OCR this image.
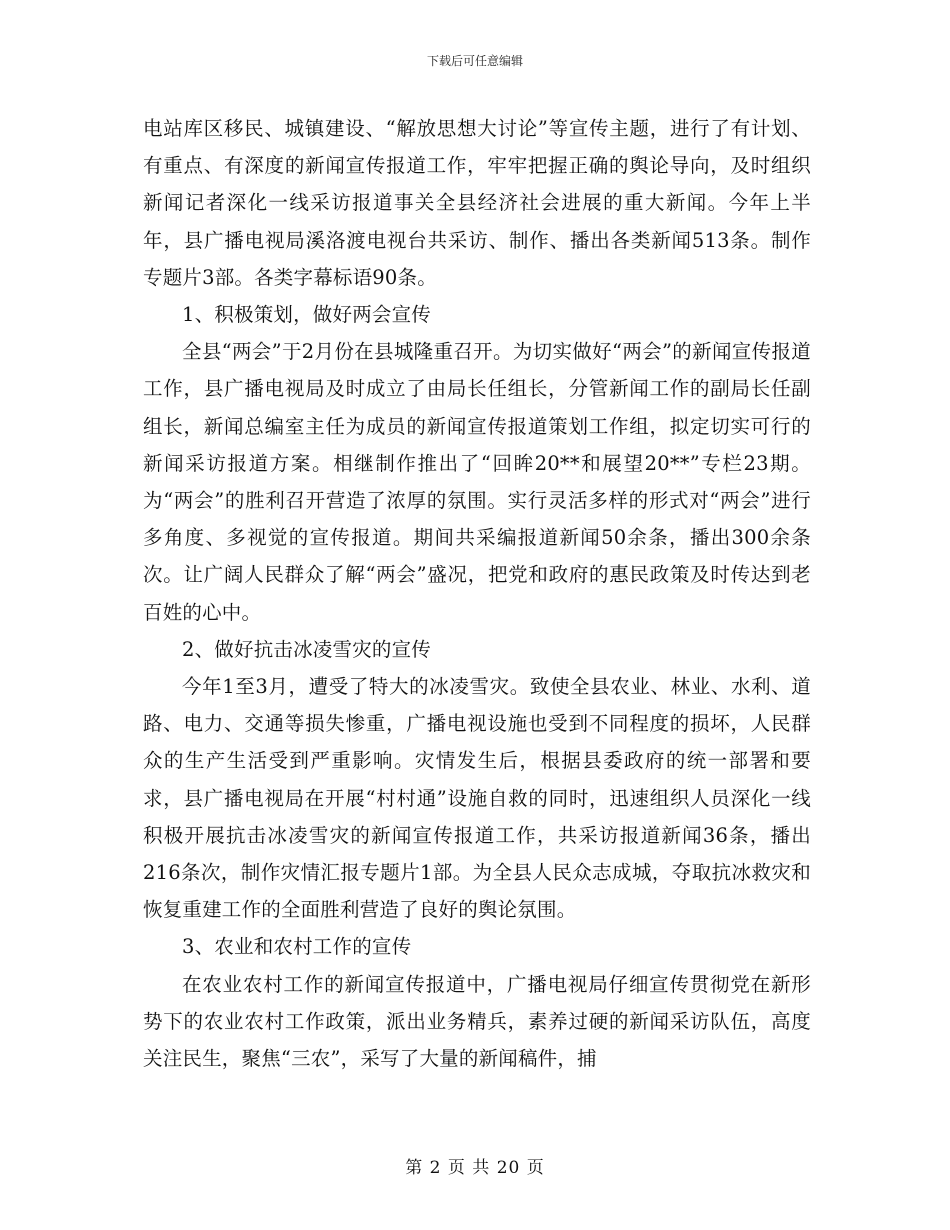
下载后可任意编辑

电站库区移民、城镇建设、“解放思想大讨论”等宣传主题，进行了有计划、有重点、有深度的新闻宣传报道工作，牢牢把握正确的舆论导向，及时组织新闻记者深化一线采访报道事关全县经济社会进展的重大新闻。今年上半年，县广播电视局溪洛渡电视台共采访、制作、播出各类新闻513条。制作专题片3部。各类字幕标语90条。

1、积极策划，做好两会宣传

全县“两会”于2月份在县城隆重召开。为切实做好“两会”的新闻宣传报道工作，县广播电视局及时成立了由局长任组长，分管新闻工作的副局长任副组长，新闻总编室主任为成员的新闻宣传报道策划工作组，拟定切实可行的新闻采访报道方案。相继制作推出了“回眸20**和展望20**”专栏23期。为“两会”的胜利召开营造了浓厚的氛围。实行灵活多样的形式对“两会”进行多角度、多视觉的宣传报道。期间共采编报道新闻50余条，播出300余条次。让广阔人民群众了解“两会”盛况，把党和政府的惠民政策及时传达到老百姓的心中。

2、做好抗击冰凌雪灾的宣传

今年1至3月，遭受了特大的冰凌雪灾。致使全县农业、林业、水利、道路、电力、交通等损失惨重，广播电视设施也受到不同程度的损坏，人民群众的生产生活受到严重影响。灾情发生后，根据县委政府的统一部署和要求，县广播电视局在开展“村村通”设施自救的同时，迅速组织人员深化一线积极开展抗击冰凌雪灾的新闻宣传报道工作，共采访报道新闻36条，播出216条次，制作灾情汇报专题片1部。为全县人民众志成城，夺取抗冰救灾和恢复重建工作的全面胜利营造了良好的舆论氛围。

3、农业和农村工作的宣传

在农业农村工作的新闻宣传报道中，广播电视局仔细宣传贯彻党在新形势下的农业农村工作政策，派出业务精兵，素养过硬的新闻采访队伍，高度关注民生，聚焦“三农”，采写了大量的新闻稿件，捕

第 2 页 共 20 页
